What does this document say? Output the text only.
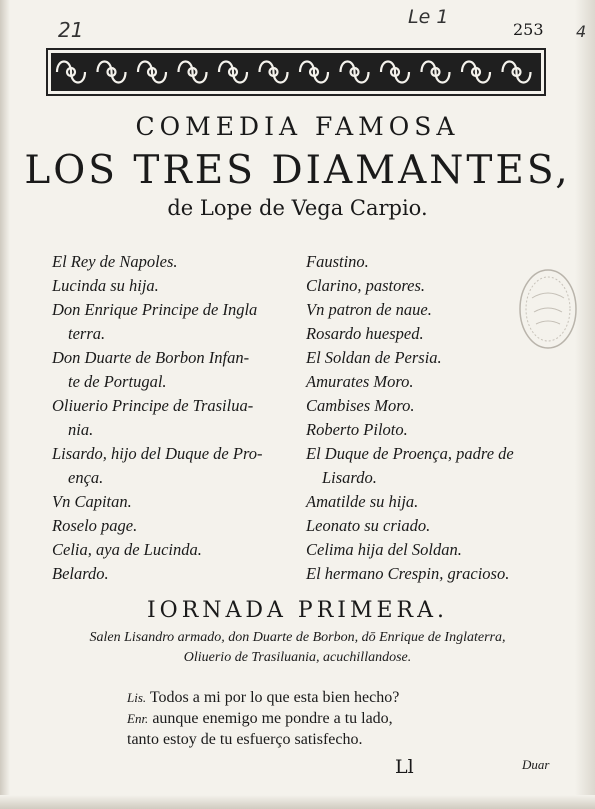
21
Le 1
253 4
COMEDIA FAMOSA
LOS TRES DIAMANTES,
de Lope de Vega Carpio.
El Rey de Napoles.
Lucinda su hija.
Don Enrique Principe de Ingla
terra.
Don Duarte de Borbon Infan-
te de Portugal.
Oliuerio Principe de Trasilua-
nia.
Lisardo, hijo del Duque de Pro-
ença.
Vn Capitan.
Roselo page.
Celia, aya de Lucinda.
Belardo.
Faustino.
Clarino, pastores.
Vn patron de naue.
Rosardo huesped.
El Soldan de Persia.
Amurates Moro.
Cambises Moro.
Roberto Piloto.
El Duque de Proença, padre de
Lisardo.
Amatilde su hija.
Leonato su criado.
Celima hija del Soldan.
El hermano Crespin, gracioso.
IORNADA PRIMERA.
Salen Lisandro armado, don Duarte de Borbon, dō Enrique de Inglaterra,
Oliuerio de Trasiluania, acuchillandose.
Lis. Todos a mi por lo que esta bien hecho?
Enr. aunque enemigo me pondre a tu lado,
tanto estoy de tu esfuerço satisfecho.
Ll	Duar
